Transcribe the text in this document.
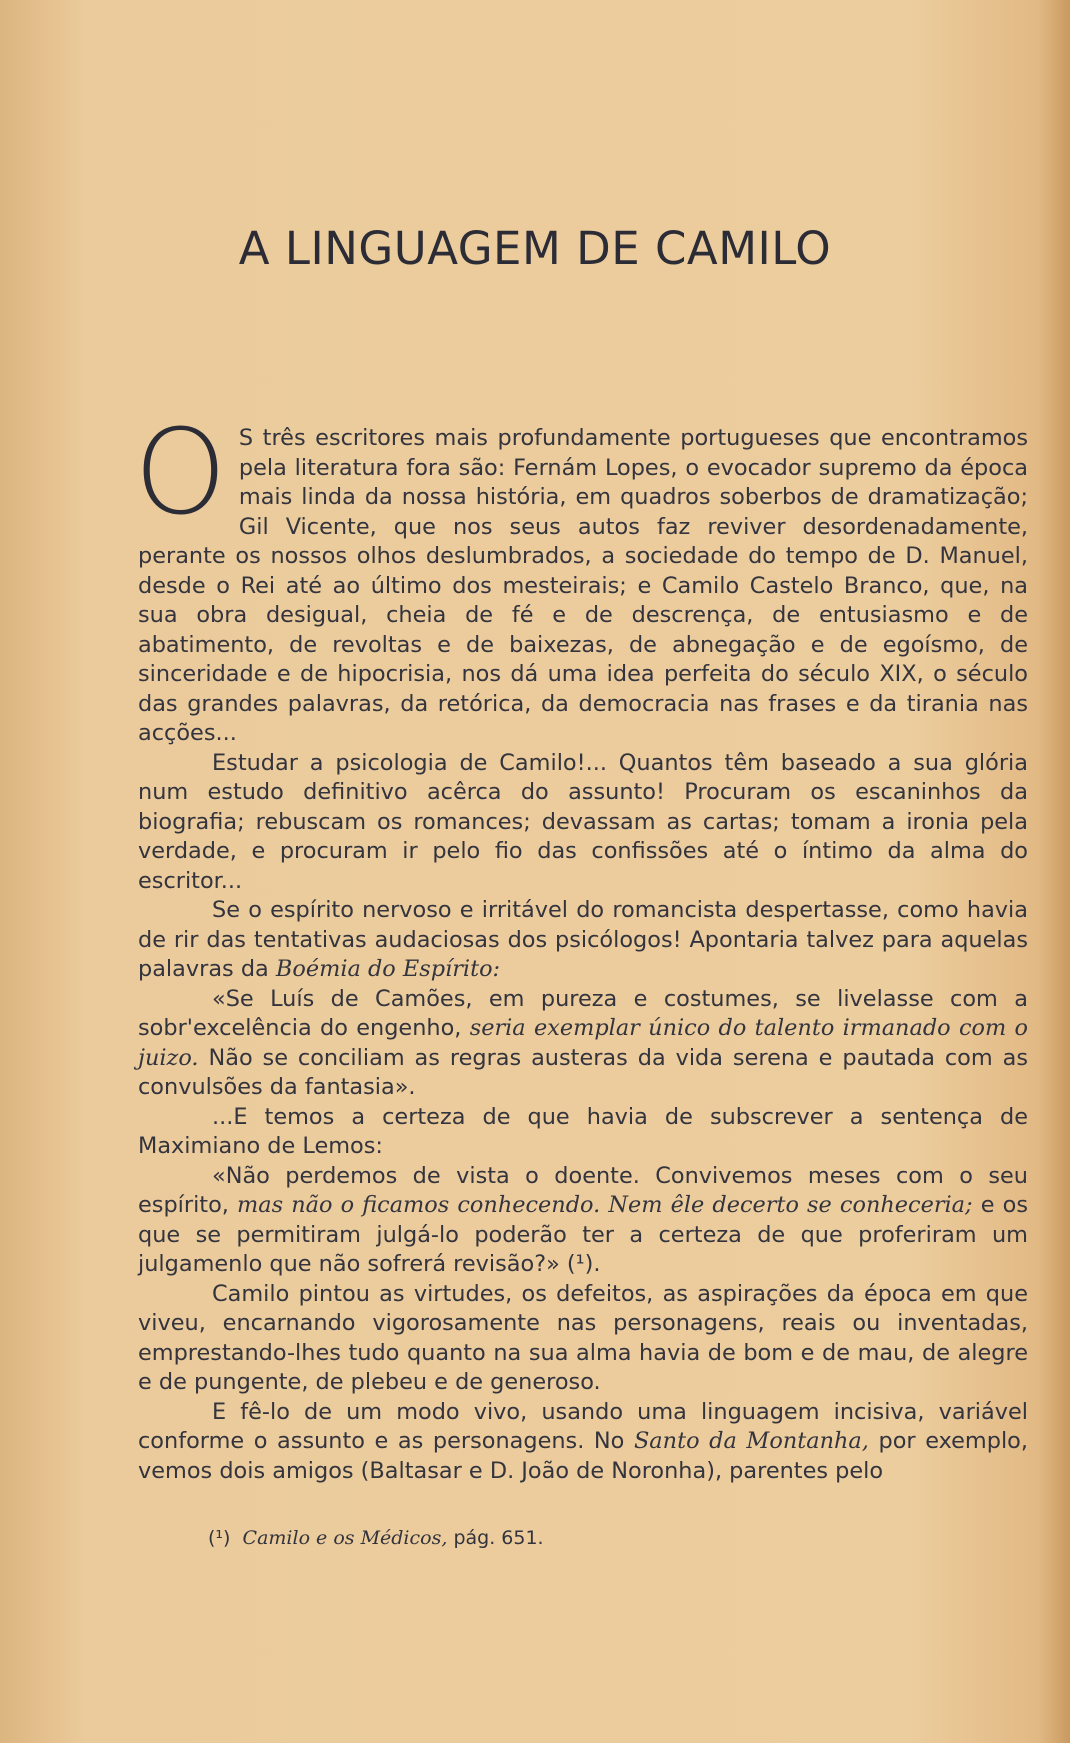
A LINGUAGEM DE CAMILO

O S três escritores mais profundamente portugueses que encontramos pela literatura fora são: Fernám Lopes, o evocador supremo da época mais linda da nossa história, em quadros soberbos de dramatização; Gil Vicente, que nos seus autos faz reviver desordenadamente, perante os nossos olhos deslumbrados, a sociedade do tempo de D. Manuel, desde o Rei até ao último dos mesteirais; e Camilo Castelo Branco, que, na sua obra desigual, cheia de fé e de descrença, de entusiasmo e de abatimento, de revoltas e de baixezas, de abnegação e de egoísmo, de sinceridade e de hipocrisia, nos dá uma idea perfeita do século XIX, o século das grandes palavras, da retórica, da democracia nas frases e da tirania nas acções...

Estudar a psicologia de Camilo!... Quantos têm baseado a sua glória num estudo definitivo acêrca do assunto! Procuram os escaninhos da biografia; rebuscam os romances; devassam as cartas; tomam a ironia pela verdade, e procuram ir pelo fio das confissões até o íntimo da alma do escritor...

Se o espírito nervoso e irritável do romancista despertasse, como havia de rir das tentativas audaciosas dos psicólogos! Apontaria talvez para aquelas palavras da Boémia do Espírito:

«Se Luís de Camões, em pureza e costumes, se livelasse com a sobr'excelência do engenho, seria exemplar único do talento irmanado com o juizo. Não se conciliam as regras austeras da vida serena e pautada com as convulsões da fantasia».

...E temos a certeza de que havia de subscrever a sentença de Maximiano de Lemos:

«Não perdemos de vista o doente. Convivemos meses com o seu espírito, mas não o ficamos conhecendo. Nem êle decerto se conheceria; e os que se permitiram julgá-lo poderão ter a certeza de que proferiram um julgamenlo que não sofrerá revisão?» (¹).

Camilo pintou as virtudes, os defeitos, as aspirações da época em que viveu, encarnando vigorosamente nas personagens, reais ou inventadas, emprestando-lhes tudo quanto na sua alma havia de bom e de mau, de alegre e de pungente, de plebeu e de generoso.

E fê-lo de um modo vivo, usando uma linguagem incisiva, variável conforme o assunto e as personagens. No Santo da Montanha, por exemplo, vemos dois amigos (Baltasar e D. João de Noronha), parentes pelo

(¹) Camilo e os Médicos, pág. 651.
